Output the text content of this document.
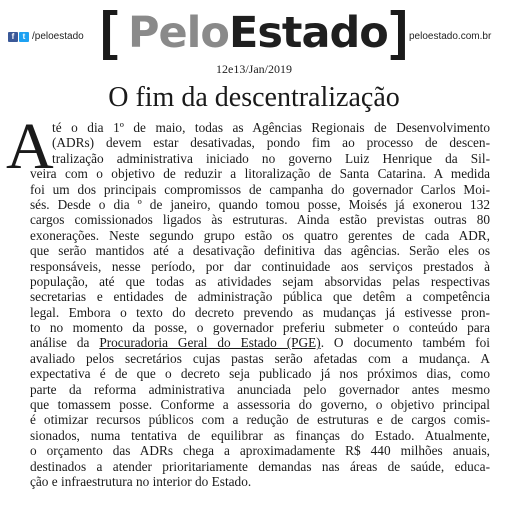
f	t /peloestado [ PeloEstado ] peloestado.com.br
12e13/Jan/2019
O fim da descentralização
A
té o dia 1º de maio, todas as Agências Regionais de Desenvolvimento
(ADRs) devem estar desativadas, pondo fim ao processo de descen-
tralização administrativa iniciado no governo Luiz Henrique da Sil-
veira com o objetivo de reduzir a litoralização de Santa Catarina. A medida
foi um dos principais compromissos de campanha do governador Carlos Moi-
sés. Desde o dia º de janeiro, quando tomou posse, Moisés já exonerou 132
cargos comissionados ligados às estruturas. Ainda estão previstas outras 80
exonerações. Neste segundo grupo estão os quatro gerentes de cada ADR,
que serão mantidos até a desativação definitiva das agências. Serão eles os
responsáveis, nesse período, por dar continuidade aos serviços prestados à
população, até que todas as atividades sejam absorvidas pelas respectivas
secretarias e entidades de administração pública que detêm a competência
legal. Embora o texto do decreto prevendo as mudanças já estivesse pron-
to no momento da posse, o governador preferiu submeter o conteúdo para
análise da Procuradoria Geral do Estado (PGE). O documento também foi
avaliado pelos secretários cujas pastas serão afetadas com a mudança. A
expectativa é de que o decreto seja publicado já nos próximos dias, como
parte da reforma administrativa anunciada pelo governador antes mesmo
que tomassem posse. Conforme a assessoria do governo, o objetivo principal
é otimizar recursos públicos com a redução de estruturas e de cargos comis-
sionados, numa tentativa de equilibrar as finanças do Estado. Atualmente,
o orçamento das ADRs chega a aproximadamente R$ 440 milhões anuais,
destinados a atender prioritariamente demandas nas áreas de saúde, educa-
ção e infraestrutura no interior do Estado.
